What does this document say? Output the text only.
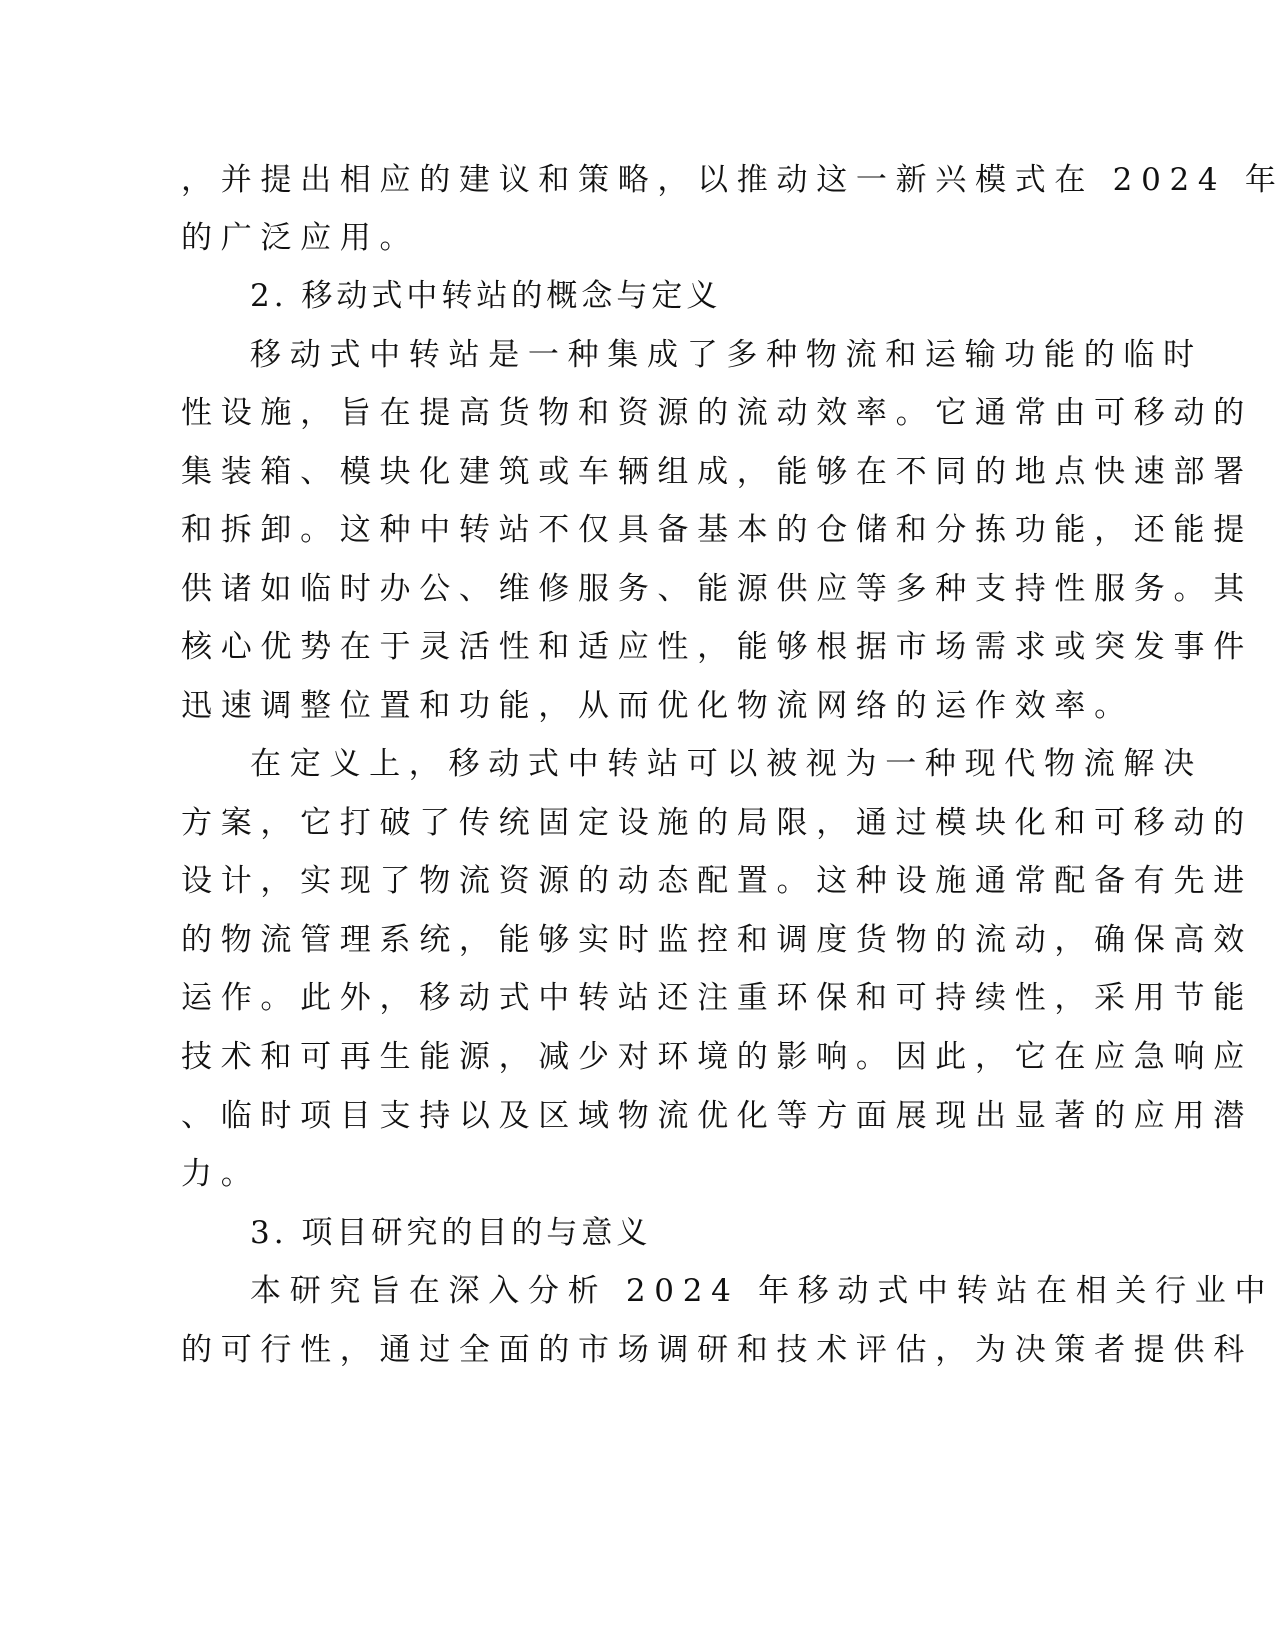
，并提出相应的建议和策略，以推动这一新兴模式在 2024 年
的广泛应用。
2. 移动式中转站的概念与定义
移动式中转站是一种集成了多种物流和运输功能的临时
性设施，旨在提高货物和资源的流动效率。它通常由可移动的
集装箱、模块化建筑或车辆组成，能够在不同的地点快速部署
和拆卸。这种中转站不仅具备基本的仓储和分拣功能，还能提
供诸如临时办公、维修服务、能源供应等多种支持性服务。其
核心优势在于灵活性和适应性，能够根据市场需求或突发事件
迅速调整位置和功能，从而优化物流网络的运作效率。
在定义上，移动式中转站可以被视为一种现代物流解决
方案，它打破了传统固定设施的局限，通过模块化和可移动的
设计，实现了物流资源的动态配置。这种设施通常配备有先进
的物流管理系统，能够实时监控和调度货物的流动，确保高效
运作。此外，移动式中转站还注重环保和可持续性，采用节能
技术和可再生能源，减少对环境的影响。因此，它在应急响应
、临时项目支持以及区域物流优化等方面展现出显著的应用潜
力。
3. 项目研究的目的与意义
本研究旨在深入分析 2024 年移动式中转站在相关行业中
的可行性，通过全面的市场调研和技术评估，为决策者提供科
